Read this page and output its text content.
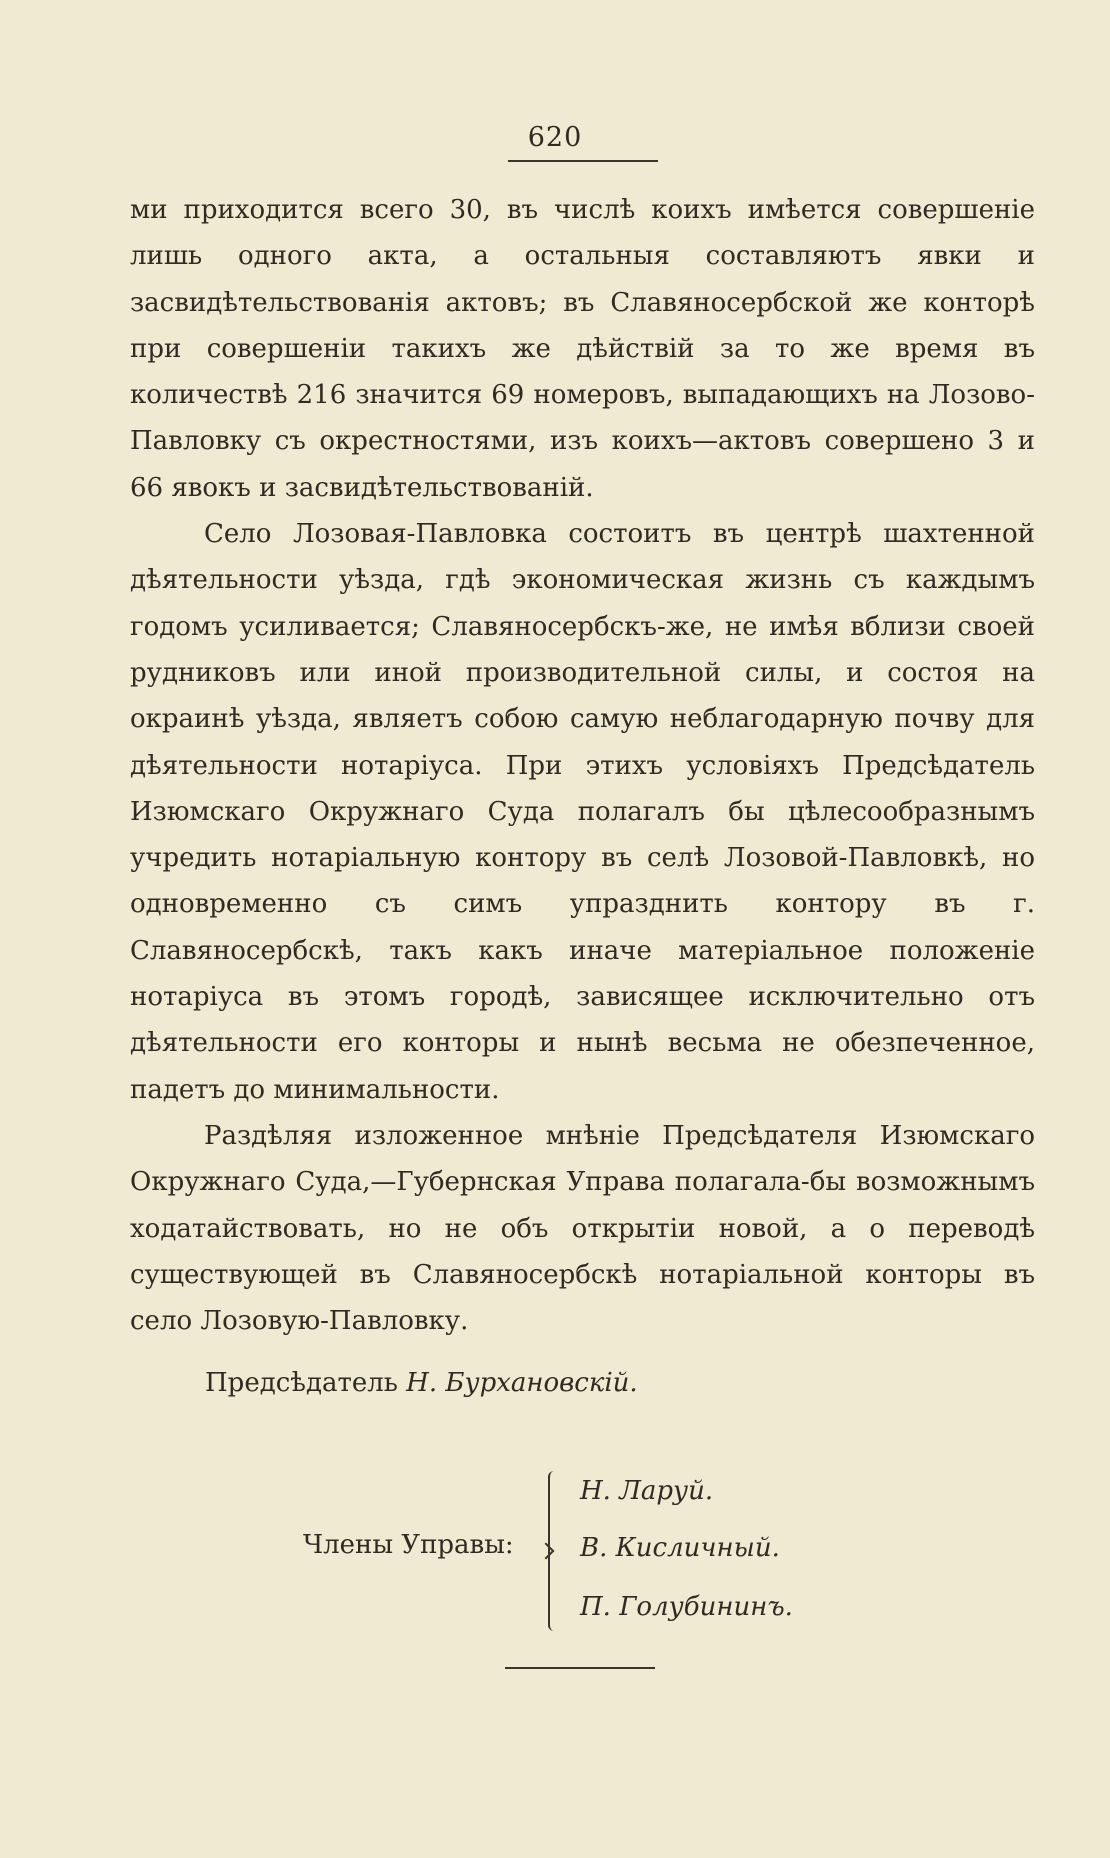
620

ми приходится всего 30, въ числѣ коихъ имѣется совершеніе лишь одного акта, а остальныя составляютъ явки и засвидѣтельствованія актовъ; въ Славяносербской же конторѣ при совершеніи такихъ же дѣйствій за то же время въ количествѣ 216 значится 69 номеровъ, выпадающихъ на Лозово-Павловку съ окрестностями, изъ коихъ—актовъ совершено 3 и 66 явокъ и засвидѣтельствованій.

Село Лозовая-Павловка состоитъ въ центрѣ шахтенной дѣятельности уѣзда, гдѣ экономическая жизнь съ каждымъ годомъ усиливается; Славяносербскъ-же, не имѣя вблизи своей рудниковъ или иной производительной силы, и состоя на окраинѣ уѣзда, являетъ собою самую неблагодарную почву для дѣятельности нотаріуса. При этихъ условіяхъ Предсѣдатель Изюмскаго Окружнаго Суда полагалъ бы цѣлесообразнымъ учредить нотаріальную контору въ селѣ Лозовой-Павловкѣ, но одновременно съ симъ упразднить контору въ г. Славяносербскѣ, такъ какъ иначе матеріальное положеніе нотаріуса въ этомъ городѣ, зависящее исключительно отъ дѣятельности его конторы и нынѣ весьма не обезпеченное, падетъ до минимальности.

Раздѣляя изложенное мнѣніе Предсѣдателя Изюмскаго Окружнаго Суда,—Губернская Управа полагала-бы возможнымъ ходатайствовать, но не объ открытіи новой, а о переводѣ существующей въ Славяносербскѣ нотаріальной конторы въ село Лозовую-Павловку.

Предсѣдатель Н. Бурхановскій.
Члены Управы:
Н. Ларуй.
В. Кисличный.
П. Голубининъ.
